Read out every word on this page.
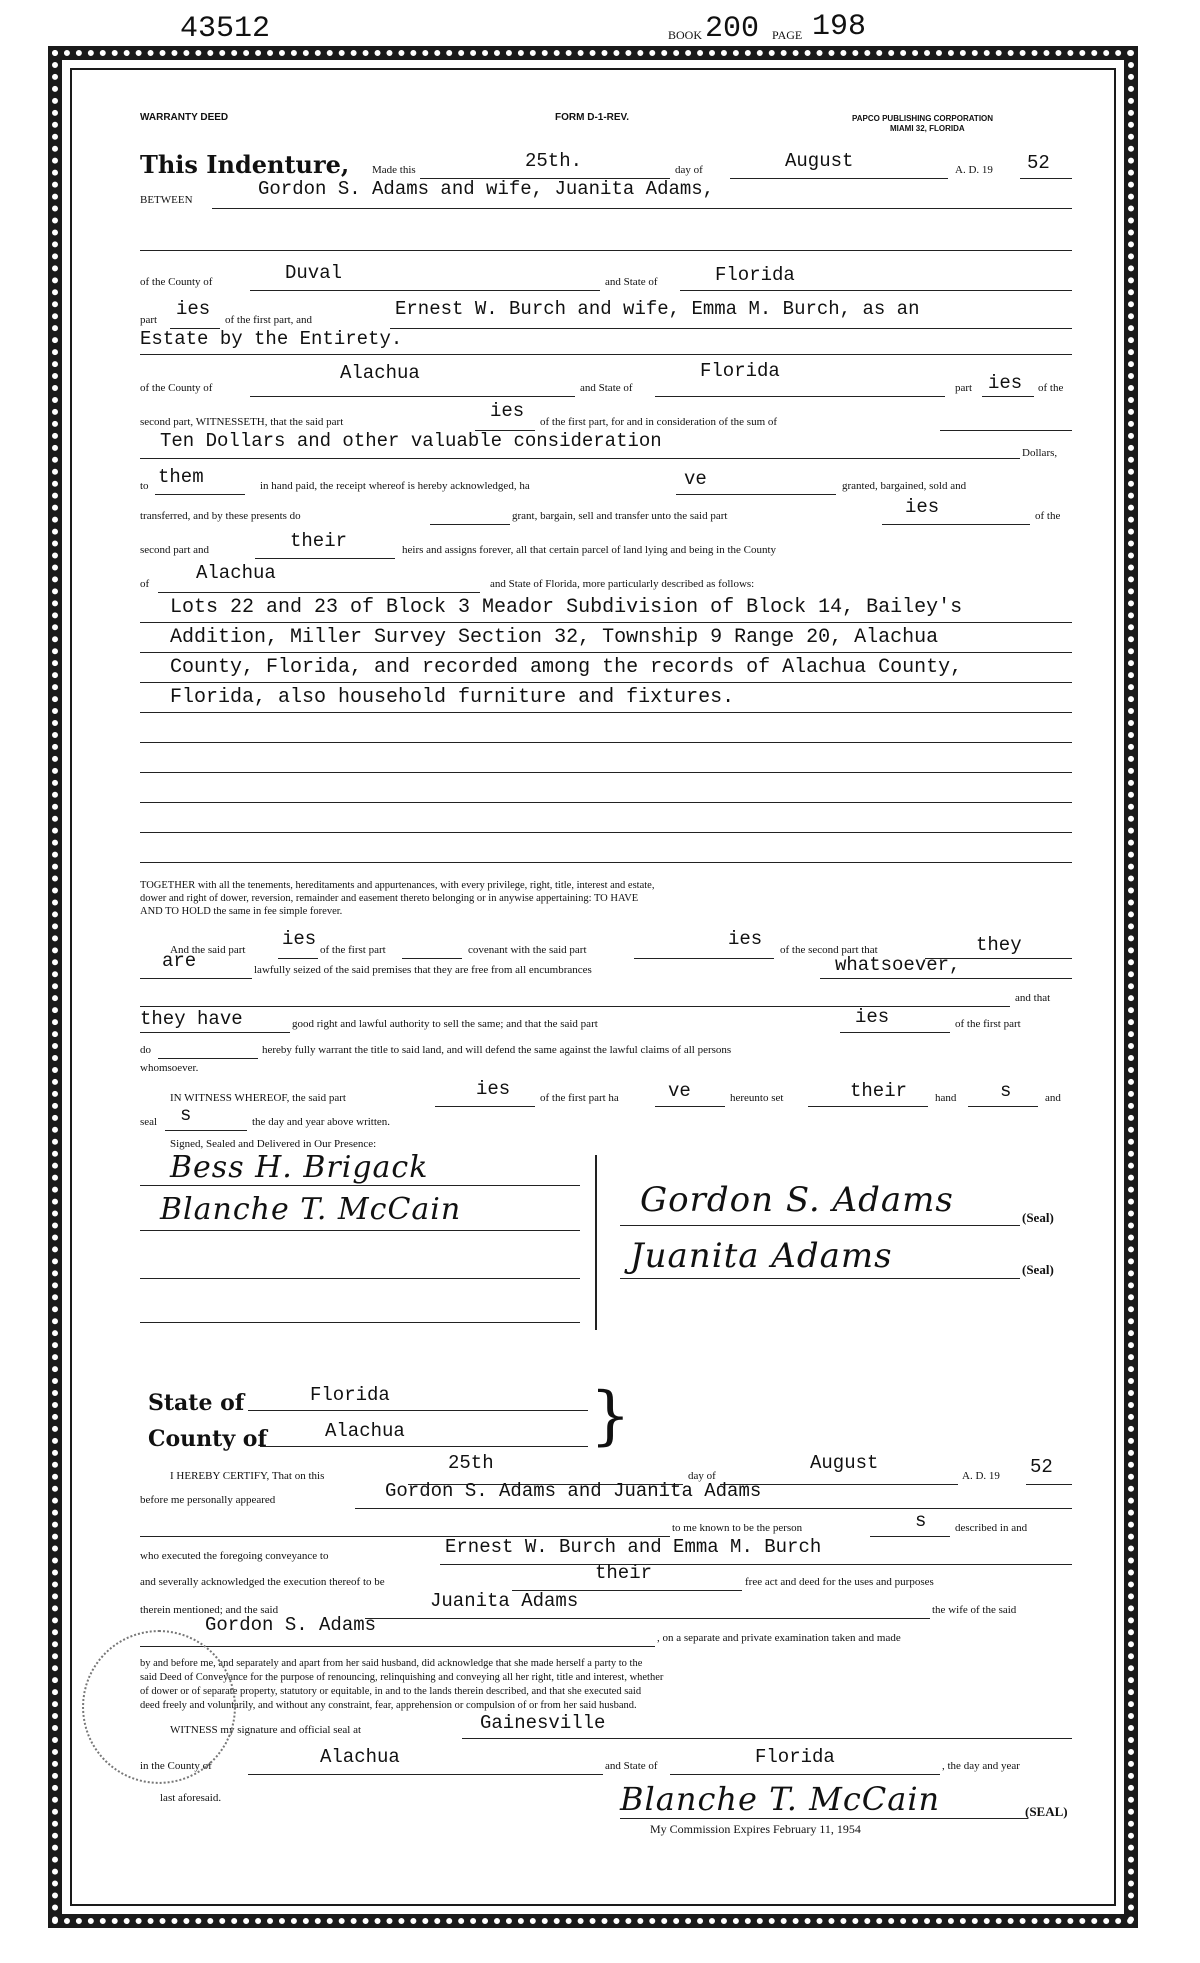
43512	BOOK 200 PAGE 198
WARRANTY DEED	FORM D-1-REV.	PAPCO PUBLISHING CORPORATION
MIAMI 32, FLORIDA
This Indenture, Made this	25th.	day of	August	A. D. 19 52
BETWEEN	Gordon S. Adams and wife, Juanita Adams,
of the County of	Duval	and State of	Florida
part ies of the first part, and	Ernest W. Burch and wife, Emma M. Burch, as an
Estate by the Entirety.
of the County of
Alachua
and State of
Florida
part ies of the
second part, WITNESSETH, that the said part	ies of the first part, for and in consideration of the sum of
Ten Dollars and other valuable consideration
Dollars,
to them	in hand paid, the receipt whereof is hereby acknowledged, ha	ve	granted, bargained, sold and
transferred, and by these presents do	grant, bargain, sell and transfer unto the said part	ies	of the
second part and	their	heirs and assigns forever, all that certain parcel of land lying and being in the County
of Alachua	and State of Florida, more particularly described as follows:
Lots 22 and 23 of Block 3 Meador Subdivision of Block 14, Bailey's
Addition, Miller Survey Section 32, Township 9 Range 20, Alachua
County, Florida, and recorded among the records of Alachua County,
Florida, also household furniture and fixtures.
TOGETHER with all the tenements, hereditaments and appurtenances, with every privilege, right, title, interest and estate,
dower and right of dower, reversion, remainder and easement thereto belonging or in anywise appertaining: TO HAVE
AND TO HOLD the same in fee simple forever.
And the said part ies of the first part	covenant with the said part	ies of the second part that	they
are	lawfully seized of the said premises that they are free from all encumbrances	whatsoever,
and that
they have	good right and lawful authority to sell the same; and that the said part	ies	of the first part
do	hereby fully warrant the title to said land, and will defend the same against the lawful claims of all persons
whomsoever.
IN WITNESS WHEREOF, the said part	ies	of the first part ha	ve	hereunto set	their	hand s	and
seal s	the day and year above written.
Signed, Sealed and Delivered in Our Presence:
Bess H. Brigack
Blanche T. McCain	Gordon S. Adams	(Seal)
Juanita Adams	(Seal)
State of	Florida
County of	Alachua	}
I HEREBY CERTIFY, That on this
25th
day of
August
A. D. 19 52
before me personally appeared	Gordon S. Adams and Juanita Adams
to me known to be the person	s	described in and
who executed the foregoing conveyance to	Ernest W. Burch and Emma M. Burch
and severally acknowledged the execution thereof to be	their	free act and deed for the uses and purposes
therein mentioned; and the said	Juanita Adams	the wife of the said
Gordon S. Adams
, on a separate and private examination taken and made
by and before me, and separately and apart from her said husband, did acknowledge that she made herself a party to the
said Deed of Conveyance for the purpose of renouncing, relinquishing and conveying all her right, title and interest, whether
of dower or of separate property, statutory or equitable, in and to the lands therein described, and that she executed said
deed freely and voluntarily, and without any constraint, fear, apprehension or compulsion of or from her said husband.
WITNESS my signature and official seal at	Gainesville
in the County of	Alachua	and State of	Florida	, the day and year
last aforesaid.	Blanche T. McCain	(SEAL)
My Commission Expires February 11, 1954
